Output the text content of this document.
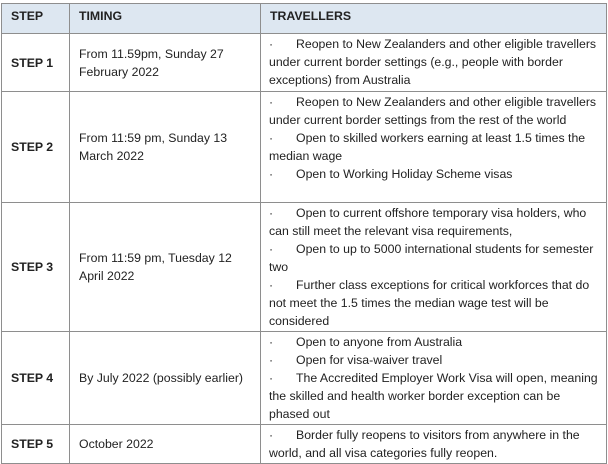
STEP	TIMING	TRAVELLERS
STEP 1	From 11.59pm, Sunday 27 February 2022	· Reopen to New Zealanders and other eligible travellers under current border settings (e.g., people with border exceptions) from Australia

STEP 2	From 11:59 pm, Sunday 13 March 2022	· Reopen to New Zealanders and other eligible travellers under current border settings from the rest of the world
· Open to skilled workers earning at least 1.5 times the median wage
· Open to Working Holiday Scheme visas

STEP 3	From 11:59 pm, Tuesday 12 April 2022	· Open to current offshore temporary visa holders, who can still meet the relevant visa requirements,
· Open to up to 5000 international students for semester two
· Further class exceptions for critical workforces that do not meet the 1.5 times the median wage test will be considered

STEP 4	By July 2022 (possibly earlier)	· Open to anyone from Australia
· Open for visa-waiver travel
· The Accredited Employer Work Visa will open, meaning the skilled and health worker border exception can be phased out

STEP 5	October 2022	· Border fully reopens to visitors from anywhere in the world, and all visa categories fully reopen.
